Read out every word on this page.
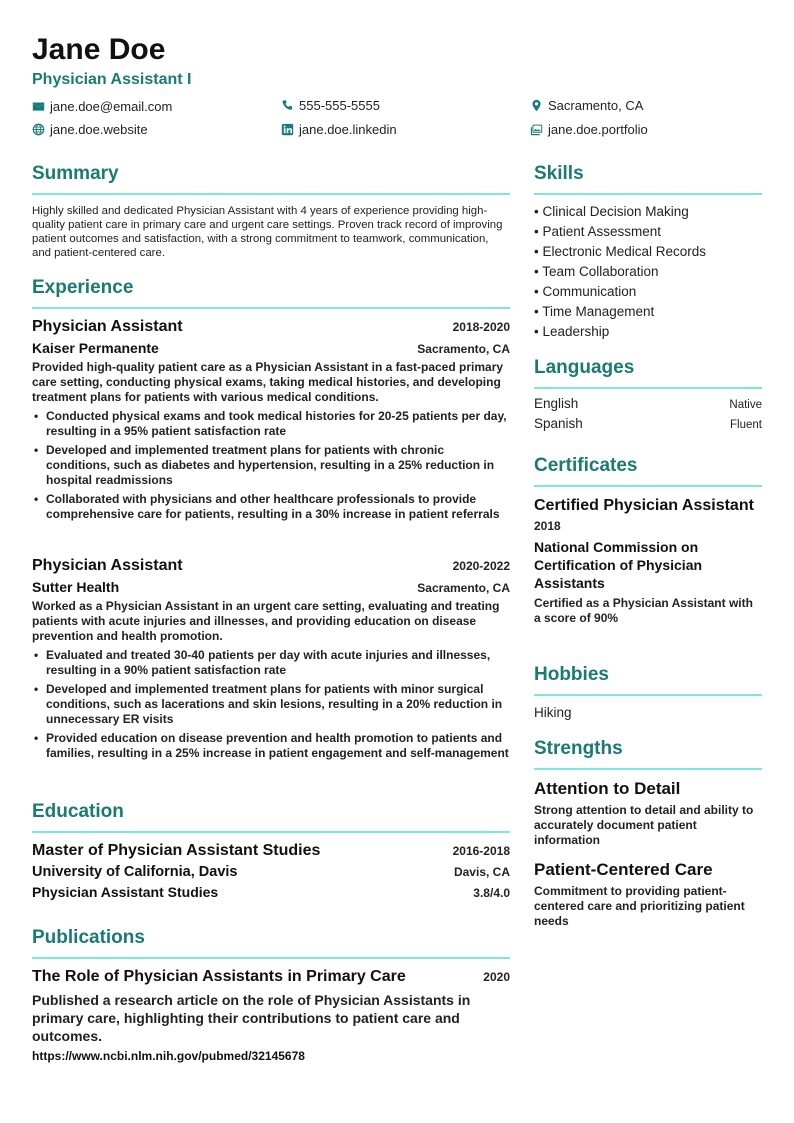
Jane Doe
Physician Assistant I
jane.doe@email.com	555-555-5555	Sacramento, CA
jane.doe.website	jane.doe.linkedin	jane.doe.portfolio
Summary
Highly skilled and dedicated Physician Assistant with 4 years of experience providing high-quality patient care in primary care and urgent care settings. Proven track record of improving patient outcomes and satisfaction, with a strong commitment to teamwork, communication, and patient-centered care.
Experience
Physician Assistant	2018-2020
Kaiser Permanente	Sacramento, CA
Provided high-quality patient care as a Physician Assistant in a fast-paced primary care setting, conducting physical exams, taking medical histories, and developing treatment plans for patients with various medical conditions.
• Conducted physical exams and took medical histories for 20-25 patients per day, resulting in a 95% patient satisfaction rate
• Developed and implemented treatment plans for patients with chronic conditions, such as diabetes and hypertension, resulting in a 25% reduction in hospital readmissions
• Collaborated with physicians and other healthcare professionals to provide comprehensive care for patients, resulting in a 30% increase in patient referrals
Physician Assistant	2020-2022
Sutter Health	Sacramento, CA
Worked as a Physician Assistant in an urgent care setting, evaluating and treating patients with acute injuries and illnesses, and providing education on disease prevention and health promotion.
• Evaluated and treated 30-40 patients per day with acute injuries and illnesses, resulting in a 90% patient satisfaction rate
• Developed and implemented treatment plans for patients with minor surgical conditions, such as lacerations and skin lesions, resulting in a 20% reduction in unnecessary ER visits
• Provided education on disease prevention and health promotion to patients and families, resulting in a 25% increase in patient engagement and self-management
Education
Master of Physician Assistant Studies	2016-2018
University of California, Davis	Davis, CA
Physician Assistant Studies	3.8/4.0
Publications
The Role of Physician Assistants in Primary Care	2020
Published a research article on the role of Physician Assistants in primary care, highlighting their contributions to patient care and outcomes.
https://www.ncbi.nlm.nih.gov/pubmed/32145678
Skills
• Clinical Decision Making
• Patient Assessment
• Electronic Medical Records
• Team Collaboration
• Communication
• Time Management
• Leadership
Languages
English	Native
Spanish	Fluent
Certificates
Certified Physician Assistant
2018
National Commission on Certification of Physician Assistants
Certified as a Physician Assistant with a score of 90%
Hobbies
Hiking
Strengths
Attention to Detail
Strong attention to detail and ability to accurately document patient information
Patient-Centered Care
Commitment to providing patient-centered care and prioritizing patient needs
